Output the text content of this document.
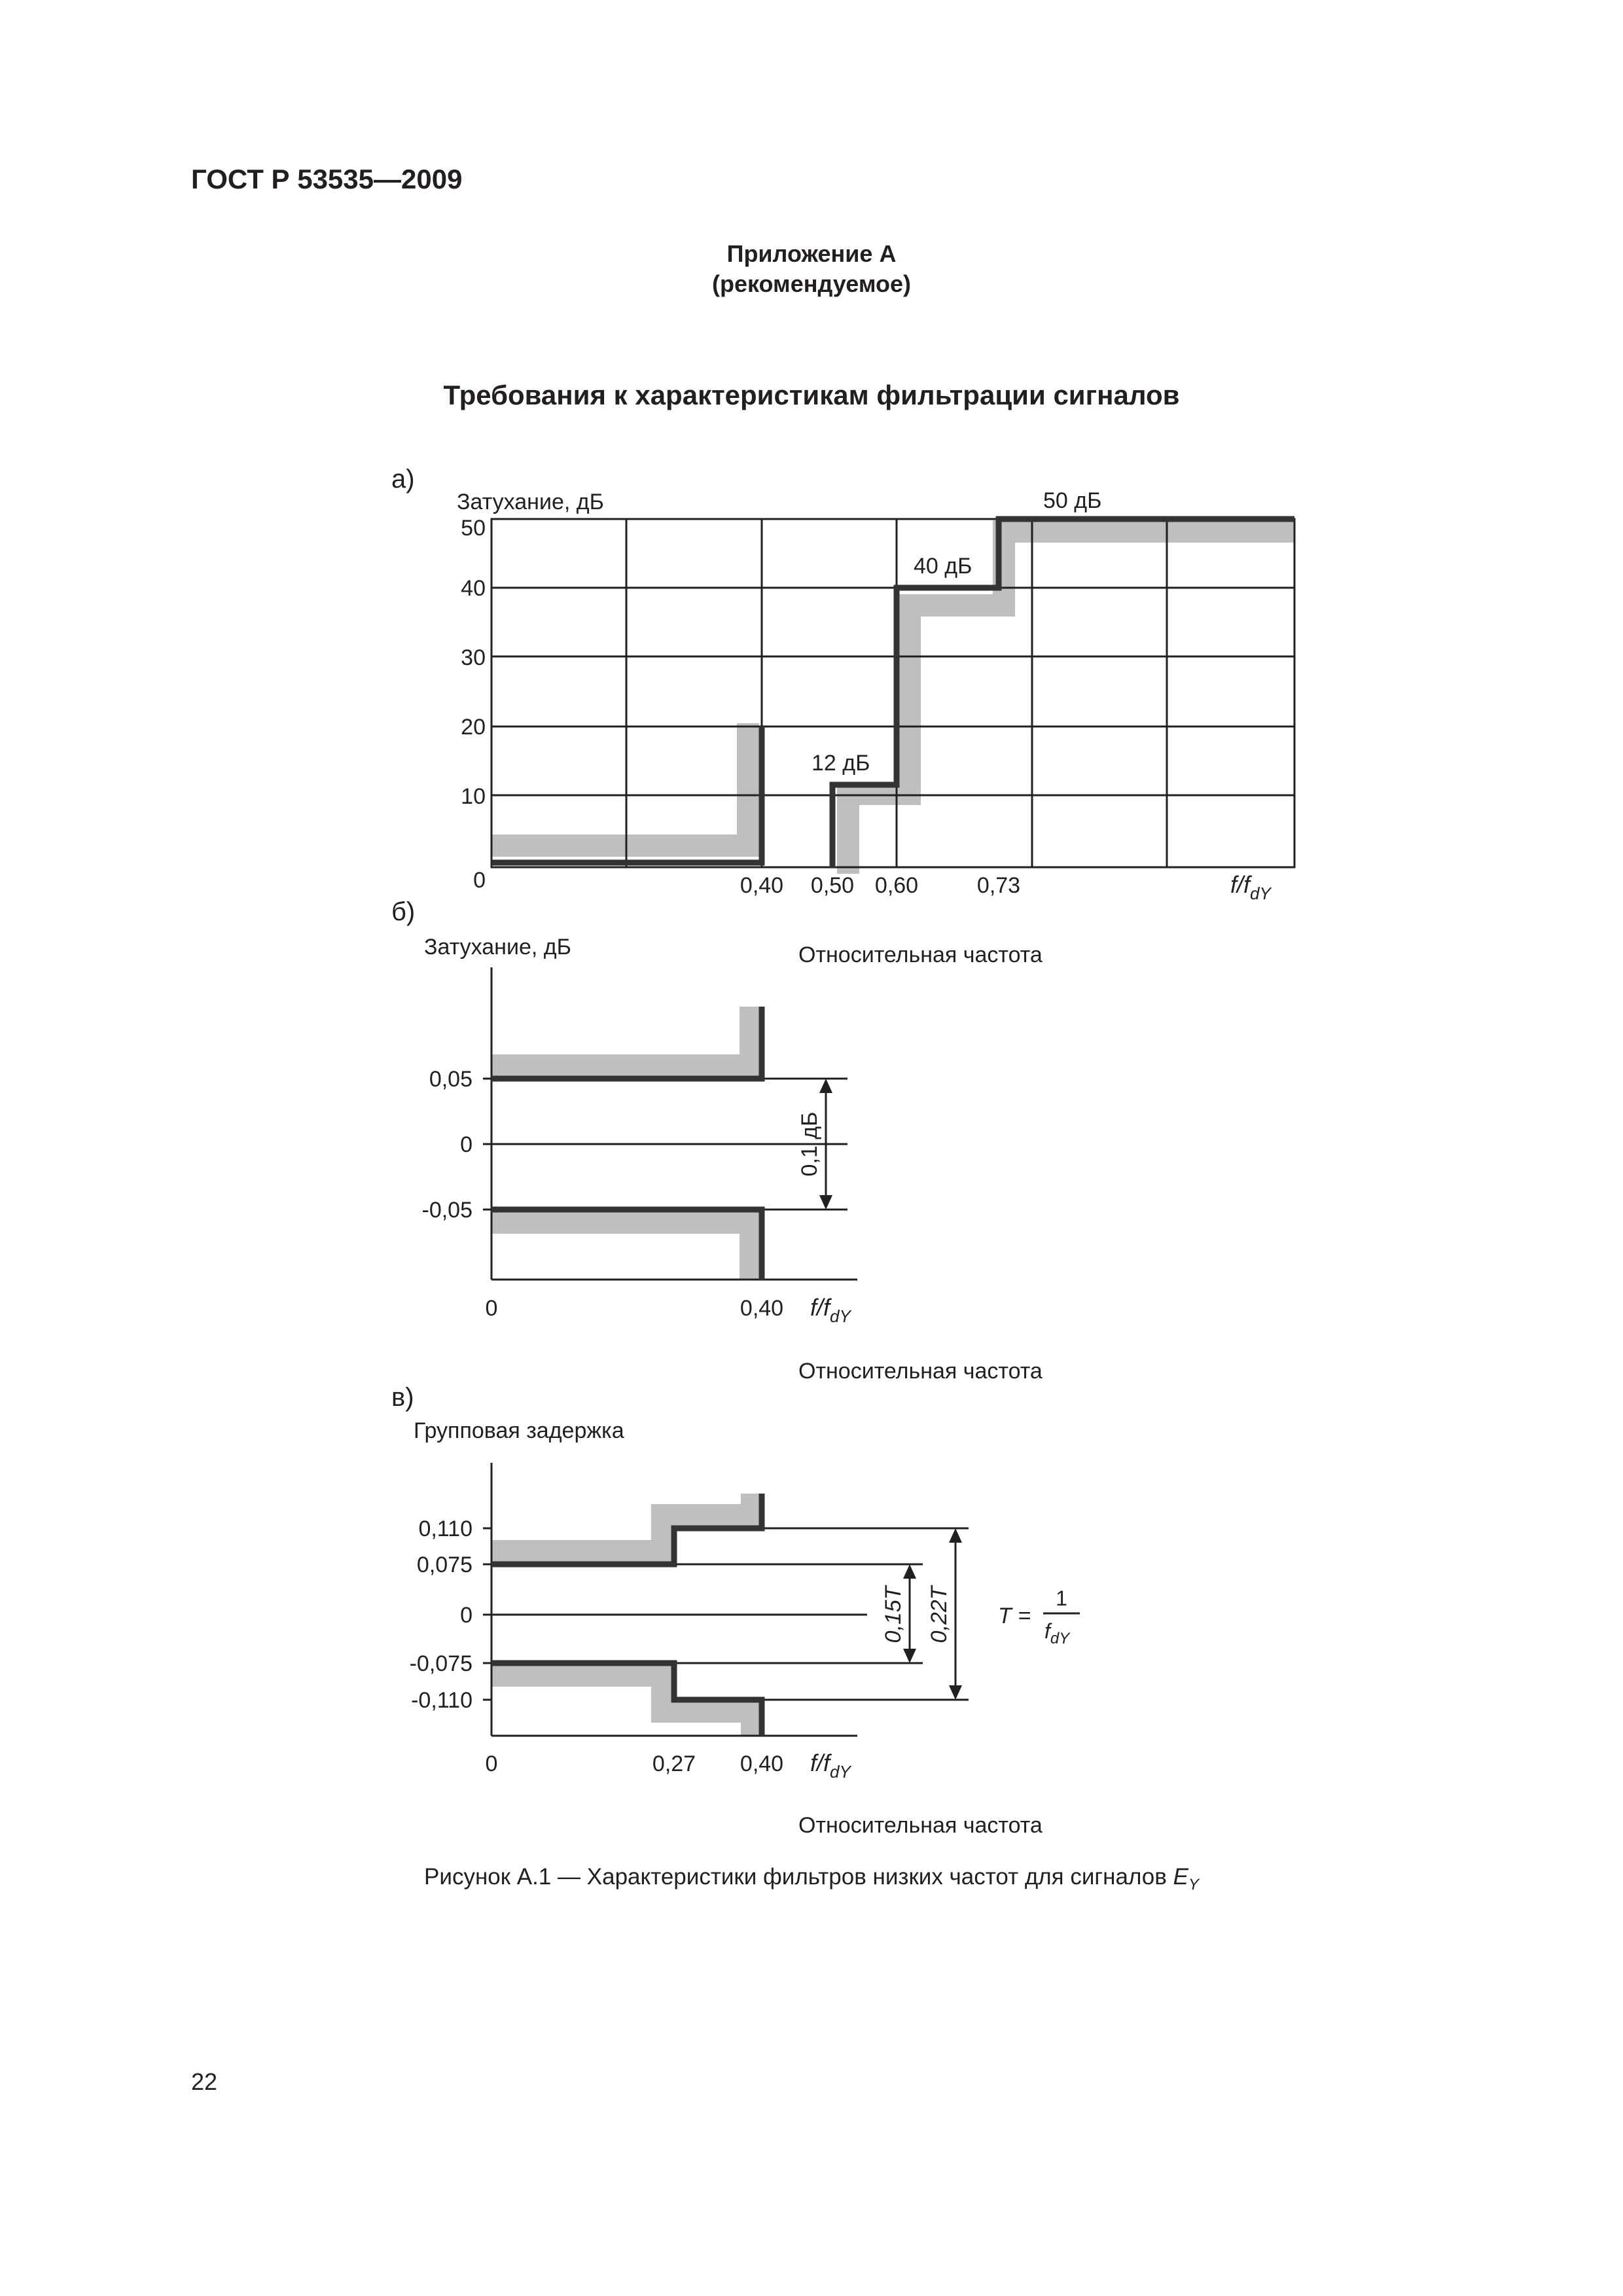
ГОСТ Р 53535—2009
Приложение А
(рекомендуемое)
Требования к характеристикам фильтрации сигналов
а)
Затухание, дБ
50
40
30
20
10
0	0,40 0,50 0,60	0,73	$f/f_{dY}$
12 дБ
40 дБ
50 дБ
б)
Затухание, дБ	Относительная частота
0,1 дБ
0,05
0
-0,05
0	0,40 $f/f_{dY}$
Относительная частота
в)
Групповая задержка
0,15T 0,22T
0,110
0,075
0
-0,075
-0,110
0	0,27 0,40 $f/f_{dY}$
Относительная частота
T =
1
$f_{dY}$
Рисунок А.1 — Характеристики фильтров низких частот для сигналов $E_Y$
22
